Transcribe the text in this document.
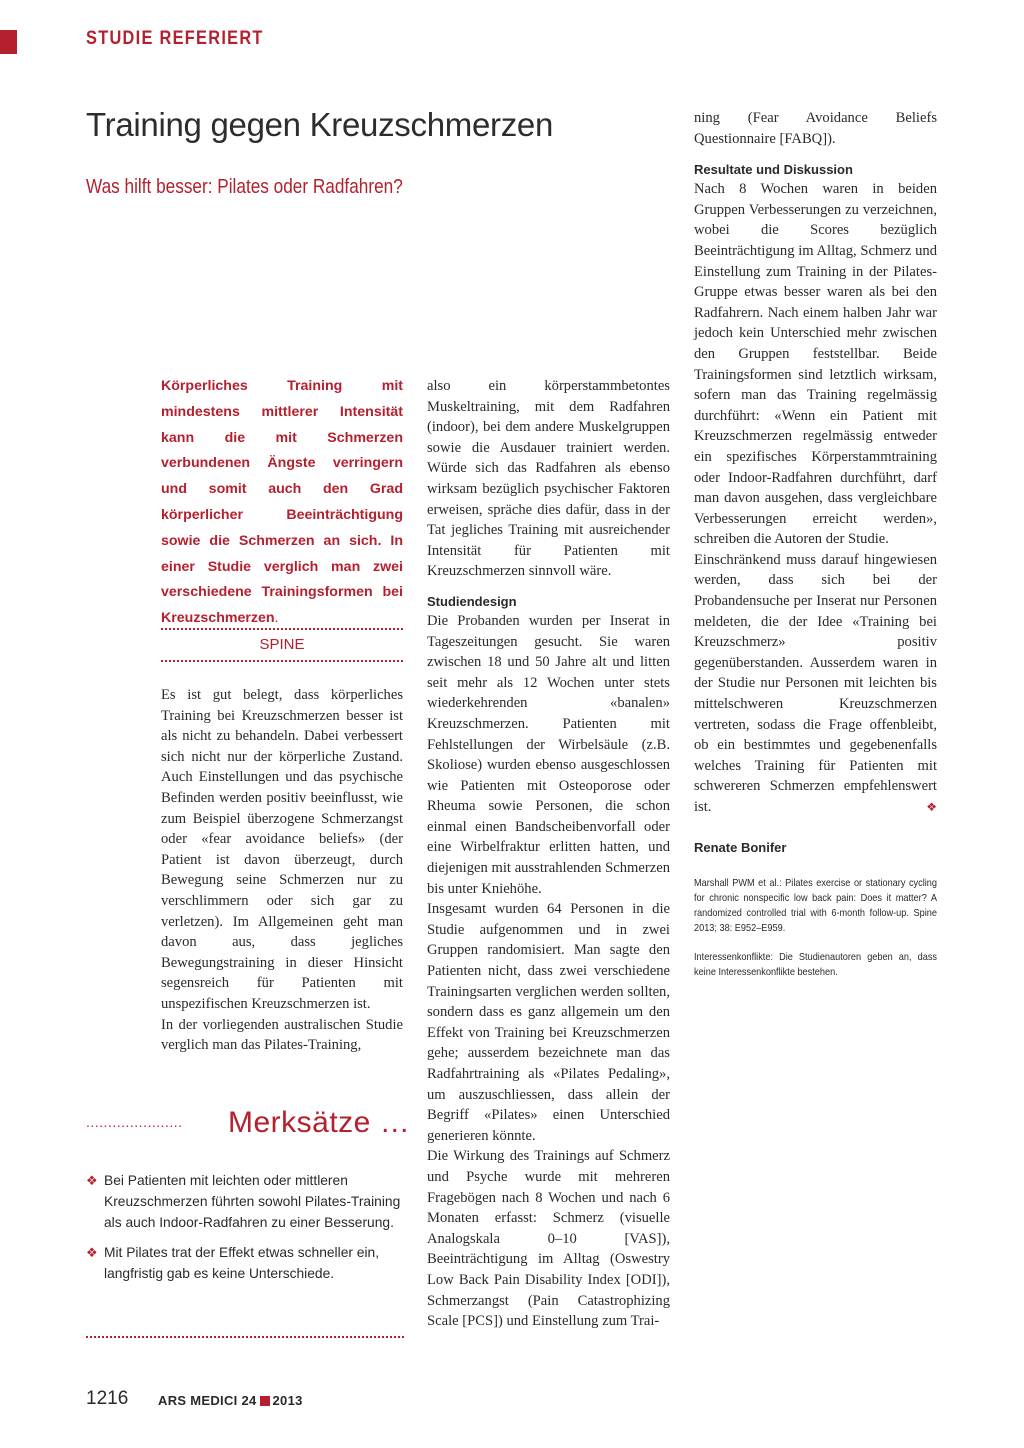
STUDIE REFERIERT
Training gegen Kreuzschmerzen
Was hilft besser: Pilates oder Radfahren?
Körperliches Training mit mindestens mittlerer Intensität kann die mit Schmerzen verbundenen Ängste verringern und somit auch den Grad körperlicher Beeinträchtigung sowie die Schmerzen an sich. In einer Studie verglich man zwei verschiedene Trainingsformen bei Kreuzschmerzen.
SPINE

Es ist gut belegt, dass körperliches Training bei Kreuzschmerzen besser ist als nicht zu behandeln. Dabei verbessert sich nicht nur der körperliche Zustand. Auch Einstellungen und das psychische Befinden werden positiv beeinflusst, wie zum Beispiel überzogene Schmerzangst oder «fear avoidance beliefs» (der Patient ist davon überzeugt, durch Bewegung seine Schmerzen nur zu verschlimmern oder sich gar zu verletzen). Im Allgemeinen geht man davon aus, dass jegliches Bewegungstraining in dieser Hinsicht segensreich für Patienten mit unspezifischen Kreuzschmerzen ist.

In der vorliegenden australischen Studie verglich man das Pilates-Training,

...................... Merksätze …
❖ Bei Patienten mit leichten oder mittleren Kreuzschmerzen führten sowohl Pilates-Training als auch Indoor-Radfahren zu einer Besserung.
❖ Mit Pilates trat der Effekt etwas schneller ein, langfristig gab es keine Unterschiede.

also ein körperstammbetontes Muskeltraining, mit dem Radfahren (indoor), bei dem andere Muskelgruppen sowie die Ausdauer trainiert werden. Würde sich das Radfahren als ebenso wirksam bezüglich psychischer Faktoren erweisen, spräche dies dafür, dass in der Tat jegliches Training mit ausreichender Intensität für Patienten mit Kreuzschmerzen sinnvoll wäre.

Studiendesign

Die Probanden wurden per Inserat in Tageszeitungen gesucht. Sie waren zwischen 18 und 50 Jahre alt und litten seit mehr als 12 Wochen unter stets wiederkehrenden «banalen» Kreuzschmerzen. Patienten mit Fehlstellungen der Wirbelsäule (z.B. Skoliose) wurden ebenso ausgeschlossen wie Patienten mit Osteoporose oder Rheuma sowie Personen, die schon einmal einen Bandscheibenvorfall oder eine Wirbelfraktur erlitten hatten, und diejenigen mit ausstrahlenden Schmerzen bis unter Kniehöhe.

Insgesamt wurden 64 Personen in die Studie aufgenommen und in zwei Gruppen randomisiert. Man sagte den Patienten nicht, dass zwei verschiedene Trainingsarten verglichen werden sollten, sondern dass es ganz allgemein um den Effekt von Training bei Kreuzschmerzen gehe; ausserdem bezeichnete man das Radfahrtraining als «Pilates Pedaling», um auszuschliessen, dass allein der Begriff «Pilates» einen Unterschied generieren könnte.

Die Wirkung des Trainings auf Schmerz und Psyche wurde mit mehreren Fragebögen nach 8 Wochen und nach 6 Monaten erfasst: Schmerz (visuelle Analogskala 0–10 [VAS]), Beeinträchtigung im Alltag (Oswestry Low Back Pain Disability Index [ODI]), Schmerzangst (Pain Catastrophizing Scale [PCS]) und Einstellung zum Trai-

ning (Fear Avoidance Beliefs Questionnaire [FABQ]).

Resultate und Diskussion

Nach 8 Wochen waren in beiden Gruppen Verbesserungen zu verzeichnen, wobei die Scores bezüglich Beeinträchtigung im Alltag, Schmerz und Einstellung zum Training in der Pilates-Gruppe etwas besser waren als bei den Radfahrern. Nach einem halben Jahr war jedoch kein Unterschied mehr zwischen den Gruppen feststellbar. Beide Trainingsformen sind letztlich wirksam, sofern man das Training regelmässig durchführt: «Wenn ein Patient mit Kreuzschmerzen regelmässig entweder ein spezifisches Körperstammtraining oder Indoor-Radfahren durchführt, darf man davon ausgehen, dass vergleichbare Verbesserungen erreicht werden», schreiben die Autoren der Studie.

Einschränkend muss darauf hingewiesen werden, dass sich bei der Probandensuche per Inserat nur Personen meldeten, die der Idee «Training bei Kreuzschmerz» positiv gegenüberstanden. Ausserdem waren in der Studie nur Personen mit leichten bis mittelschweren Kreuzschmerzen vertreten, sodass die Frage offenbleibt, ob ein bestimmtes und gegebenenfalls welches Training für Patienten mit schwereren Schmerzen empfehlenswert ist.	❖

Renate Bonifer

Marshall PWM et al.: Pilates exercise or stationary cycling for chronic nonspecific low back pain: Does it matter? A randomized controlled trial with 6-month follow-up. Spine 2013; 38: E952–E959.
Interessenkonflikte: Die Studienautoren geben an, dass keine Interessenkonflikte bestehen.
1216 ARS MEDICI 24 2013
